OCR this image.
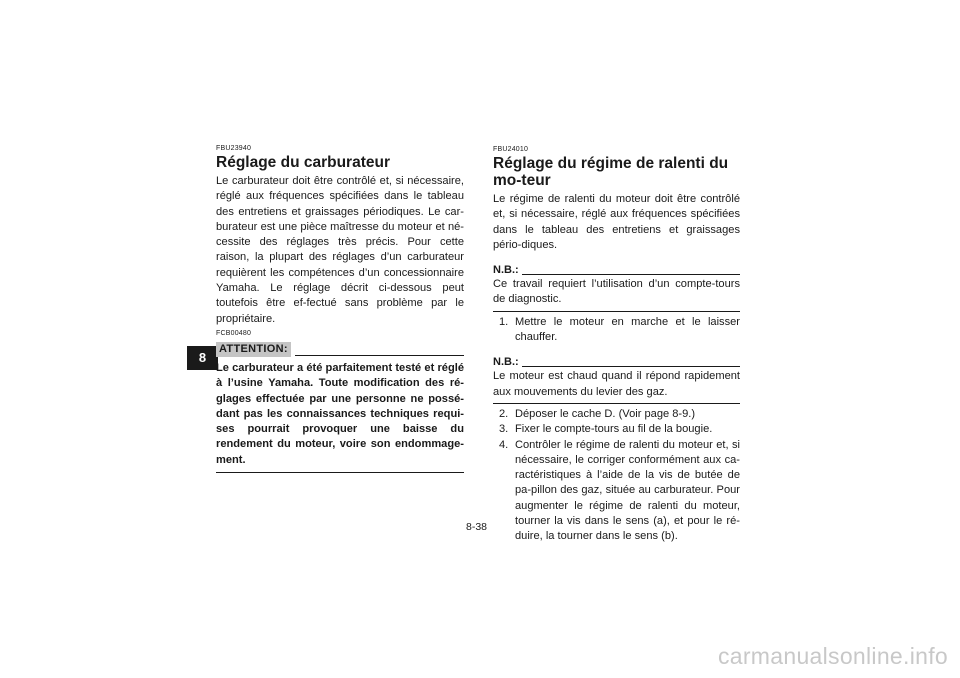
8
FBU23940
Réglage du carburateur

Le carburateur doit être contrôlé et, si nécessaire, réglé aux fréquences spécifiées dans le tableau des entretiens et graissages périodiques. Le car-burateur est une pièce maîtresse du moteur et né-cessite des réglages très précis. Pour cette raison, la plupart des réglages d’un carburateur requièrent les compétences d’un concessionnaire Yamaha. Le réglage décrit ci-dessous peut toutefois être ef-fectué sans problème par le propriétaire.

FCB00480
ATTENTION:

Le carburateur a été parfaitement testé et réglé à l’usine Yamaha. Toute modification des ré-glages effectuée par une personne ne possé-dant pas les connaissances techniques requi-ses pourrait provoquer une baisse du rendement du moteur, voire son endommage-ment.

FBU24010
Réglage du régime de ralenti du mo-teur

Le régime de ralenti du moteur doit être contrôlé et, si nécessaire, réglé aux fréquences spécifiées dans le tableau des entretiens et graissages pério-diques.

N.B.:

Ce travail requiert l’utilisation d’un compte-tours de diagnostic.

1. Mettre le moteur en marche et le laisser chauffer.
N.B.:

Le moteur est chaud quand il répond rapidement aux mouvements du levier des gaz.

2. Déposer le cache D. (Voir page 8-9.)
3. Fixer le compte-tours au fil de la bougie.
4. Contrôler le régime de ralenti du moteur et, si nécessaire, le corriger conformément aux ca-ractéristiques à l’aide de la vis de butée de pa-pillon des gaz, située au carburateur. Pour augmenter le régime de ralenti du moteur, tourner la vis dans le sens (a), et pour le ré-duire, la tourner dans le sens (b).
8-38
carmanualsonline.info
